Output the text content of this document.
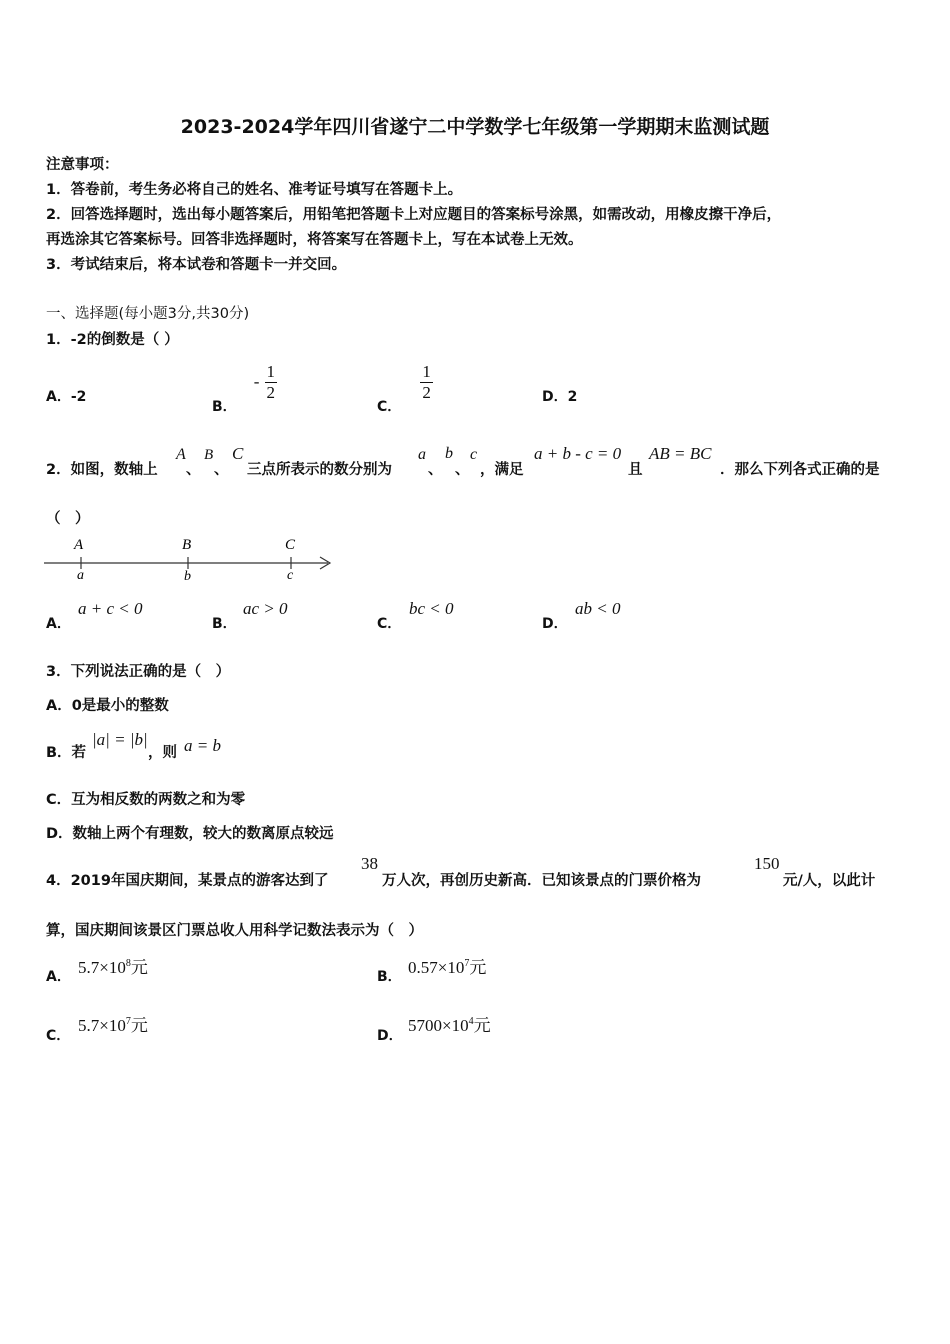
2023-2024学年四川省遂宁二中学数学七年级第一学期期末监测试题
注意事项：
1．答卷前，考生务必将自己的姓名、准考证号填写在答题卡上。
2．回答选择题时，选出每小题答案后，用铅笔把答题卡上对应题目的答案标号涂黑，如需改动，用橡皮擦干净后，
再选涂其它答案标号。回答非选择题时，将答案写在答题卡上，写在本试卷上无效。
3．考试结束后，将本试卷和答题卡一并交回。
一、选择题(每小题3分,共30分)
1．-2的倒数是（ ）
A．-2
B． - $\frac{1}{2}$
C．
$\frac{1}{2}$	D．2
2．如图，数轴上
A
、
B
、
C
三点所表示的数分别为
a
、
b
、
c
，满足
a + b - c = 0
且
AB = BC
．那么下列各式正确的是
（　）
A	B	C
a	b	c
A．
a + c < 0
B．
ac > 0
C．
bc < 0
D．
ab < 0
3．下列说法正确的是（　）
A．0是最小的整数
B．若
|a| = |b|
，则 a = b
C．互为相反数的两数之和为零
D．数轴上两个有理数，较大的数离原点较远
4．2019年国庆期间，某景点的游客达到了
38
万人次，再创历史新高．已知该景点的门票价格为
150
元/人，以此计
算，国庆期间该景区门票总收人用科学记数法表示为（　）
A． $5.7\times 10^8$元	B． $0.57\times 10^7$元
C．
$5.7\times 10^7$元
D．
$5700\times 10^4$元
